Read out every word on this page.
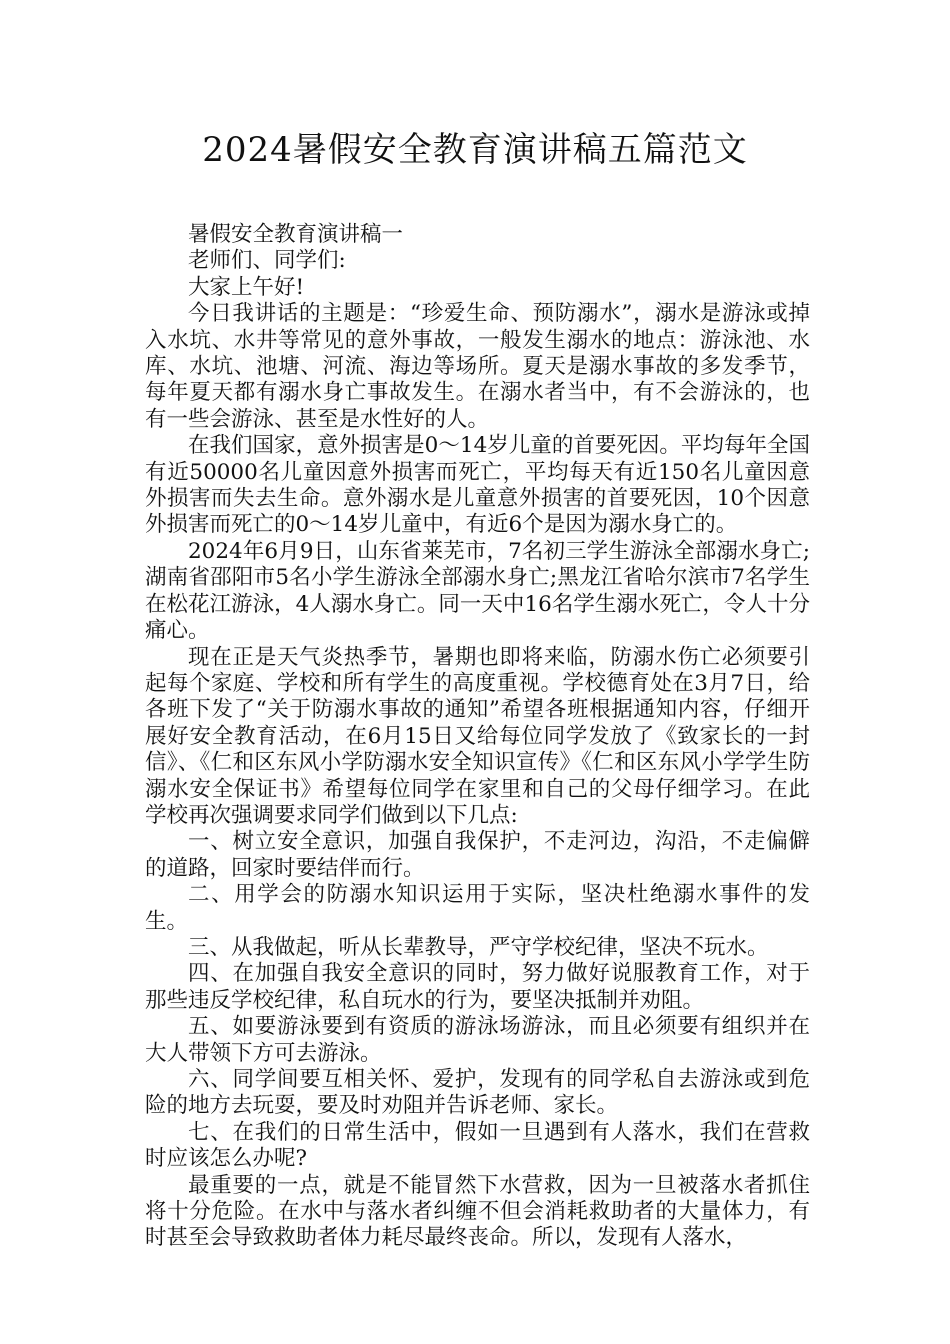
2024暑假安全教育演讲稿五篇范文

暑假安全教育演讲稿一

老师们、同学们:

大家上午好!

今日我讲话的主题是：“珍爱生命、预防溺水”，溺水是游泳或掉入水坑、水井等常见的意外事故，一般发生溺水的地点：游泳池、水库、水坑、池塘、河流、海边等场所。夏天是溺水事故的多发季节，每年夏天都有溺水身亡事故发生。在溺水者当中，有不会游泳的，也有一些会游泳、甚至是水性好的人。

在我们国家，意外损害是0～14岁儿童的首要死因。平均每年全国有近50000名儿童因意外损害而死亡，平均每天有近150名儿童因意外损害而失去生命。意外溺水是儿童意外损害的首要死因，10个因意外损害而死亡的0～14岁儿童中，有近6个是因为溺水身亡的。

2024年6月9日，山东省莱芜市，7名初三学生游泳全部溺水身亡;湖南省邵阳市5名小学生游泳全部溺水身亡;黑龙江省哈尔滨市7名学生在松花江游泳，4人溺水身亡。同一天中16名学生溺水死亡，令人十分痛心。

现在正是天气炎热季节，暑期也即将来临，防溺水伤亡必须要引起每个家庭、学校和所有学生的高度重视。学校德育处在3月7日，给各班下发了“关于防溺水事故的通知”希望各班根据通知内容，仔细开展好安全教育活动，在6月15日又给每位同学发放了《致家长的一封信》、《仁和区东风小学防溺水安全知识宣传》《仁和区东风小学学生防溺水安全保证书》希望每位同学在家里和自己的父母仔细学习。在此学校再次强调要求同学们做到以下几点:

一、树立安全意识，加强自我保护，不走河边，沟沿，不走偏僻的道路，回家时要结伴而行。

二、用学会的防溺水知识运用于实际，坚决杜绝溺水事件的发生。

三、从我做起，听从长辈教导，严守学校纪律，坚决不玩水。

四、在加强自我安全意识的同时，努力做好说服教育工作，对于那些违反学校纪律，私自玩水的行为，要坚决抵制并劝阻。

五、如要游泳要到有资质的游泳场游泳，而且必须要有组织并在大人带领下方可去游泳。

六、同学间要互相关怀、爱护，发现有的同学私自去游泳或到危险的地方去玩耍，要及时劝阻并告诉老师、家长。

七、在我们的日常生活中，假如一旦遇到有人落水，我们在营救时应该怎么办呢?

最重要的一点，就是不能冒然下水营救，因为一旦被落水者抓住将十分危险。在水中与落水者纠缠不但会消耗救助者的大量体力，有时甚至会导致救助者体力耗尽最终丧命。所以，发现有人落水，
